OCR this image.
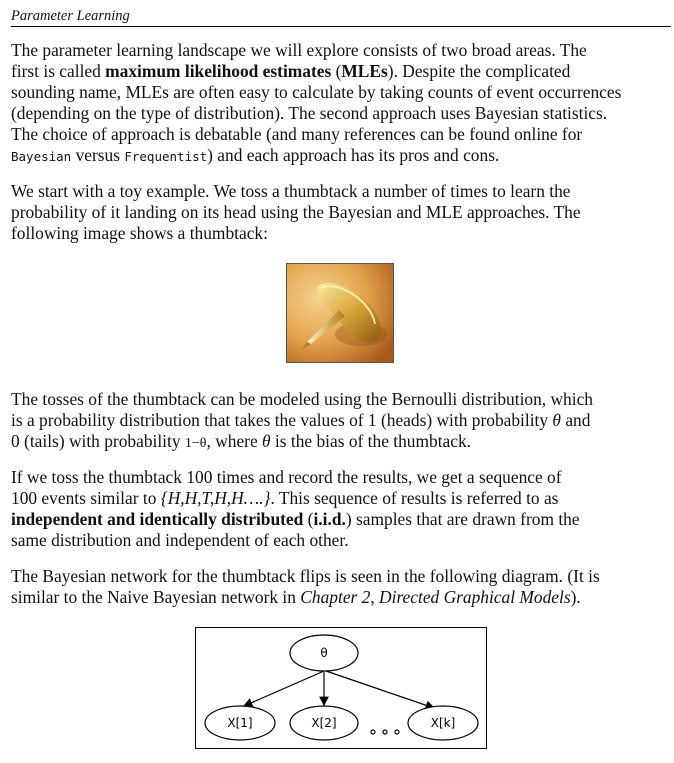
Parameter Learning
The parameter learning landscape we will explore consists of two broad areas. The
first is called maximum likelihood estimates (MLEs). Despite the complicated
sounding name, MLEs are often easy to calculate by taking counts of event occurrences
(depending on the type of distribution). The second approach uses Bayesian statistics.
The choice of approach is debatable (and many references can be found online for
Bayesian versus Frequentist) and each approach has its pros and cons.
We start with a toy example. We toss a thumbtack a number of times to learn the
probability of it landing on its head using the Bayesian and MLE approaches. The
following image shows a thumbtack:
The tosses of the thumbtack can be modeled using the Bernoulli distribution, which
is a probability distribution that takes the values of 1 (heads) with probability θ and
0 (tails) with probability 1−θ, where θ is the bias of the thumbtack.
If we toss the thumbtack 100 times and record the results, we get a sequence of
100 events similar to {H,H,T,H,H….}. This sequence of results is referred to as
independent and identically distributed (i.i.d.) samples that are drawn from the
same distribution and independent of each other.
The Bayesian network for the thumbtack flips is seen in the following diagram. (It is
similar to the Naive Bayesian network in Chapter 2, Directed Graphical Models).
θ
X[1]	X[2]	X[k]
